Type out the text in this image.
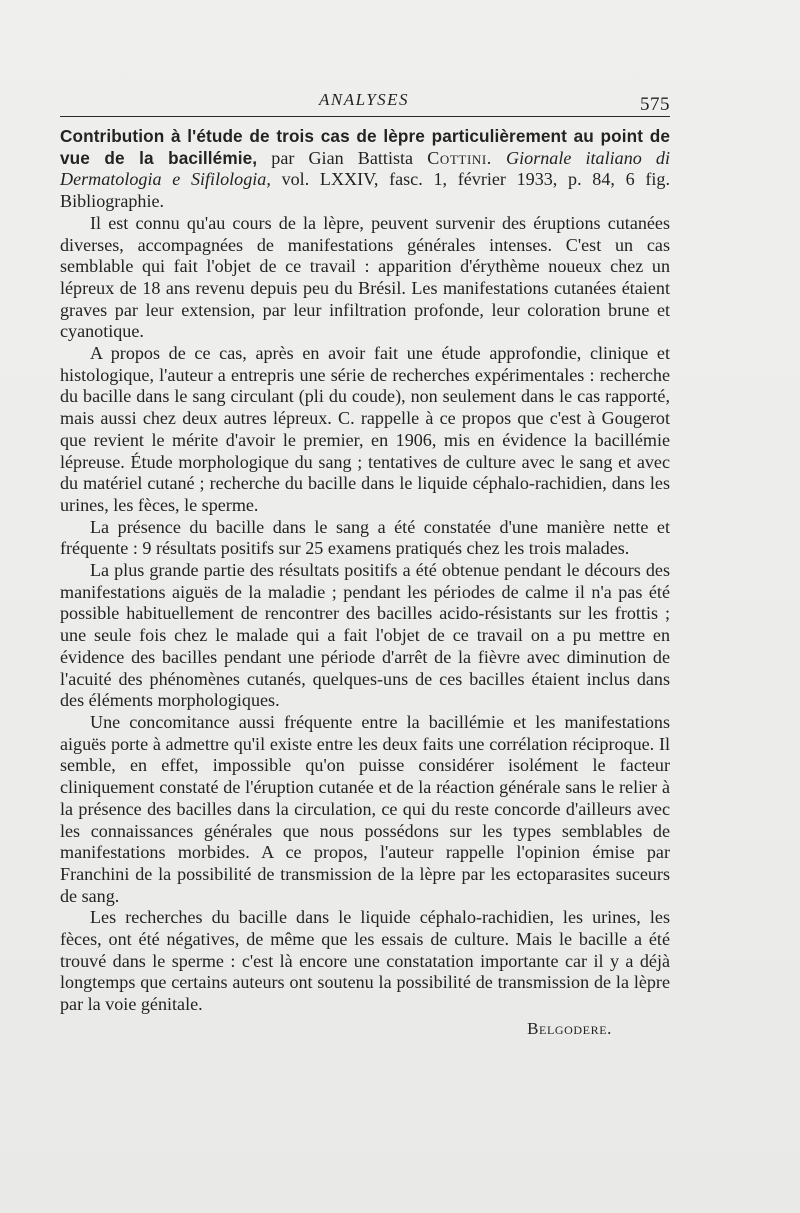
ANALYSES	575

Contribution à l'étude de trois cas de lèpre particulièrement au point de vue de la bacillémie, par Gian Battista Cottini. Giornale italiano di Dermatologia e Sifilologia, vol. LXXIV, fasc. 1, février 1933, p. 84, 6 fig. Bibliographie.

Il est connu qu'au cours de la lèpre, peuvent survenir des éruptions cutanées diverses, accompagnées de manifestations générales intenses. C'est un cas semblable qui fait l'objet de ce travail : apparition d'érythème noueux chez un lépreux de 18 ans revenu depuis peu du Brésil. Les manifestations cutanées étaient graves par leur extension, par leur infiltration profonde, leur coloration brune et cyanotique.

A propos de ce cas, après en avoir fait une étude approfondie, clinique et histologique, l'auteur a entrepris une série de recherches expérimentales : recherche du bacille dans le sang circulant (pli du coude), non seulement dans le cas rapporté, mais aussi chez deux autres lépreux. C. rappelle à ce propos que c'est à Gougerot que revient le mérite d'avoir le premier, en 1906, mis en évidence la bacillémie lépreuse. Étude morphologique du sang ; tentatives de culture avec le sang et avec du matériel cutané ; recherche du bacille dans le liquide céphalo-rachidien, dans les urines, les fèces, le sperme.

La présence du bacille dans le sang a été constatée d'une manière nette et fréquente : 9 résultats positifs sur 25 examens pratiqués chez les trois malades.

La plus grande partie des résultats positifs a été obtenue pendant le décours des manifestations aiguës de la maladie ; pendant les périodes de calme il n'a pas été possible habituellement de rencontrer des bacilles acido-résistants sur les frottis ; une seule fois chez le malade qui a fait l'objet de ce travail on a pu mettre en évidence des bacilles pendant une période d'arrêt de la fièvre avec diminution de l'acuité des phénomènes cutanés, quelques-uns de ces bacilles étaient inclus dans des éléments morphologiques.

Une concomitance aussi fréquente entre la bacillémie et les manifestations aiguës porte à admettre qu'il existe entre les deux faits une corrélation réciproque. Il semble, en effet, impossible qu'on puisse considérer isolément le facteur cliniquement constaté de l'éruption cutanée et de la réaction générale sans le relier à la présence des bacilles dans la circulation, ce qui du reste concorde d'ailleurs avec les connaissances générales que nous possédons sur les types semblables de manifestations morbides. A ce propos, l'auteur rappelle l'opinion émise par Franchini de la possibilité de transmission de la lèpre par les ectoparasites suceurs de sang.

Les recherches du bacille dans le liquide céphalo-rachidien, les urines, les fèces, ont été négatives, de même que les essais de culture. Mais le bacille a été trouvé dans le sperme : c'est là encore une constatation importante car il y a déjà longtemps que certains auteurs ont soutenu la possibilité de transmission de la lèpre par la voie génitale.

Belgodere.
